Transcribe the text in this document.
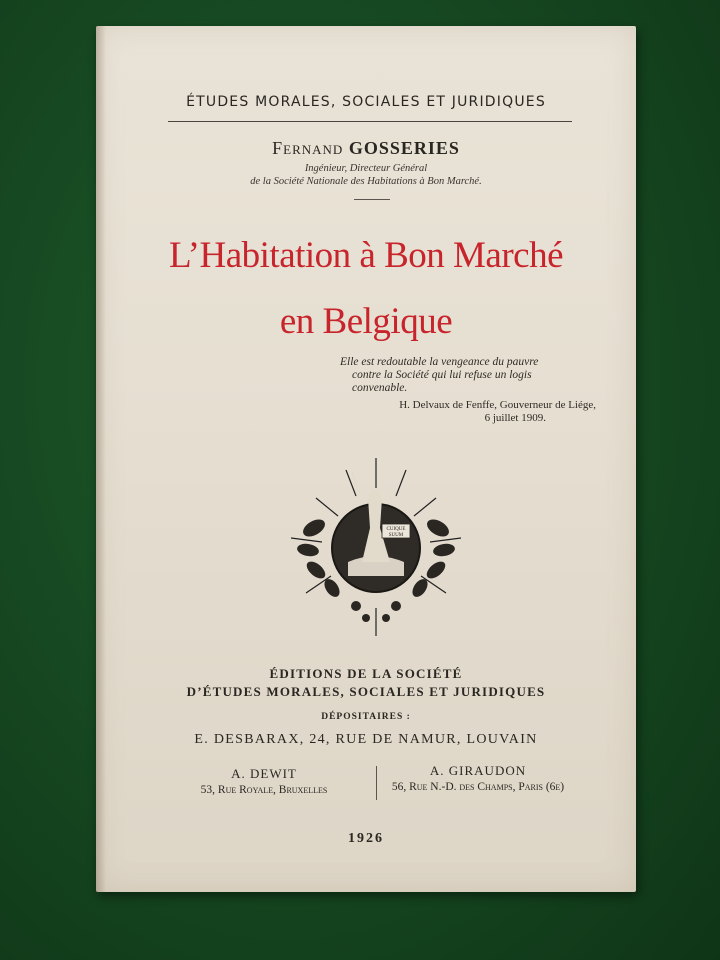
ÉTUDES MORALES, SOCIALES ET JURIDIQUES
Fernand GOSSERIES
Ingénieur, Directeur Général
de la Société Nationale des Habitations à Bon Marché.
L’Habitation à Bon Marché
en Belgique
Elle est redoutable la vengeance du pauvre
contre la Société qui lui refuse un logis
convenable.
H. Delvaux de Fenffe, Gouverneur de Liége,
6 juillet 1909.
CUIQUE
SUUM
ÉDITIONS DE LA SOCIÉTÉ
D’ÉTUDES MORALES, SOCIALES ET JURIDIQUES
DÉPOSITAIRES :
E. DESBARAX, 24, RUE DE NAMUR, LOUVAIN
A. DEWIT
53, Rue Royale, Bruxelles
A. GIRAUDON
56, Rue N.-D. des Champs, Paris (6e)
1926
